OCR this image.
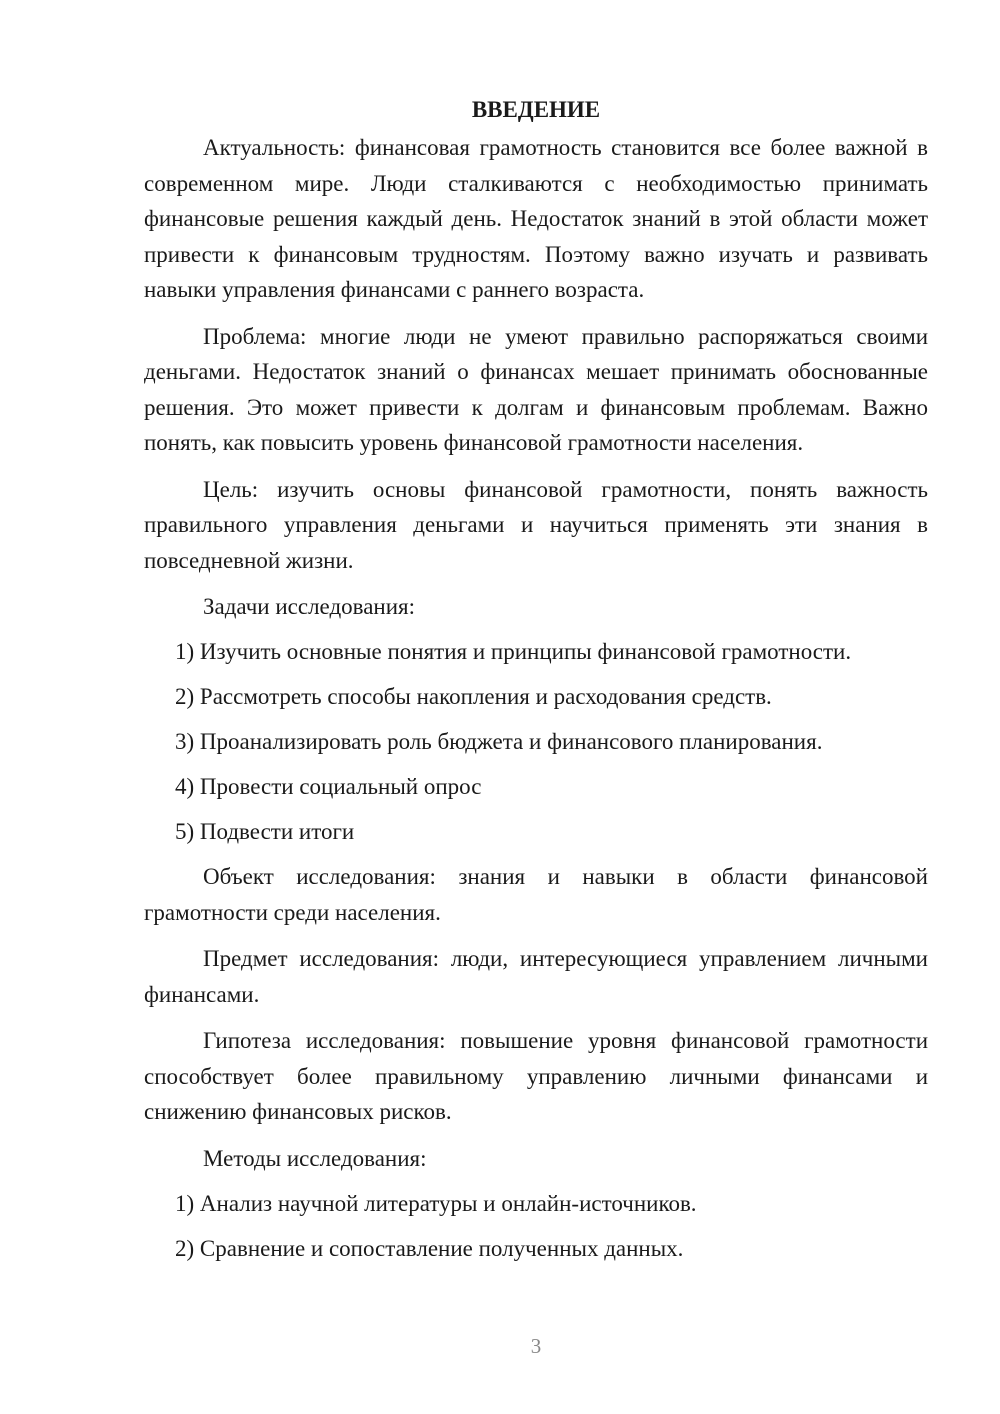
ВВЕДЕНИЕ
Актуальность: финансовая грамотность становится все более важной в современном мире. Люди сталкиваются с необходимостью принимать финансовые решения каждый день. Недостаток знаний в этой области может привести к финансовым трудностям. Поэтому важно изучать и развивать навыки управления финансами с раннего возраста.
Проблема: многие люди не умеют правильно распоряжаться своими деньгами. Недостаток знаний о финансах мешает принимать обоснованные решения. Это может привести к долгам и финансовым проблемам. Важно понять, как повысить уровень финансовой грамотности населения.
Цель: изучить основы финансовой грамотности, понять важность правильного управления деньгами и научиться применять эти знания в повседневной жизни.
Задачи исследования:
1) Изучить основные понятия и принципы финансовой грамотности.
2) Рассмотреть способы накопления и расходования средств.
3) Проанализировать роль бюджета и финансового планирования.
4) Провести социальный опрос
5) Подвести итоги
Объект исследования: знания и навыки в области финансовой грамотности среди населения.
Предмет исследования: люди, интересующиеся управлением личными финансами.
Гипотеза исследования: повышение уровня финансовой грамотности способствует более правильному управлению личными финансами и снижению финансовых рисков.
Методы исследования:
1) Анализ научной литературы и онлайн-источников.
2) Сравнение и сопоставление полученных данных.
3
